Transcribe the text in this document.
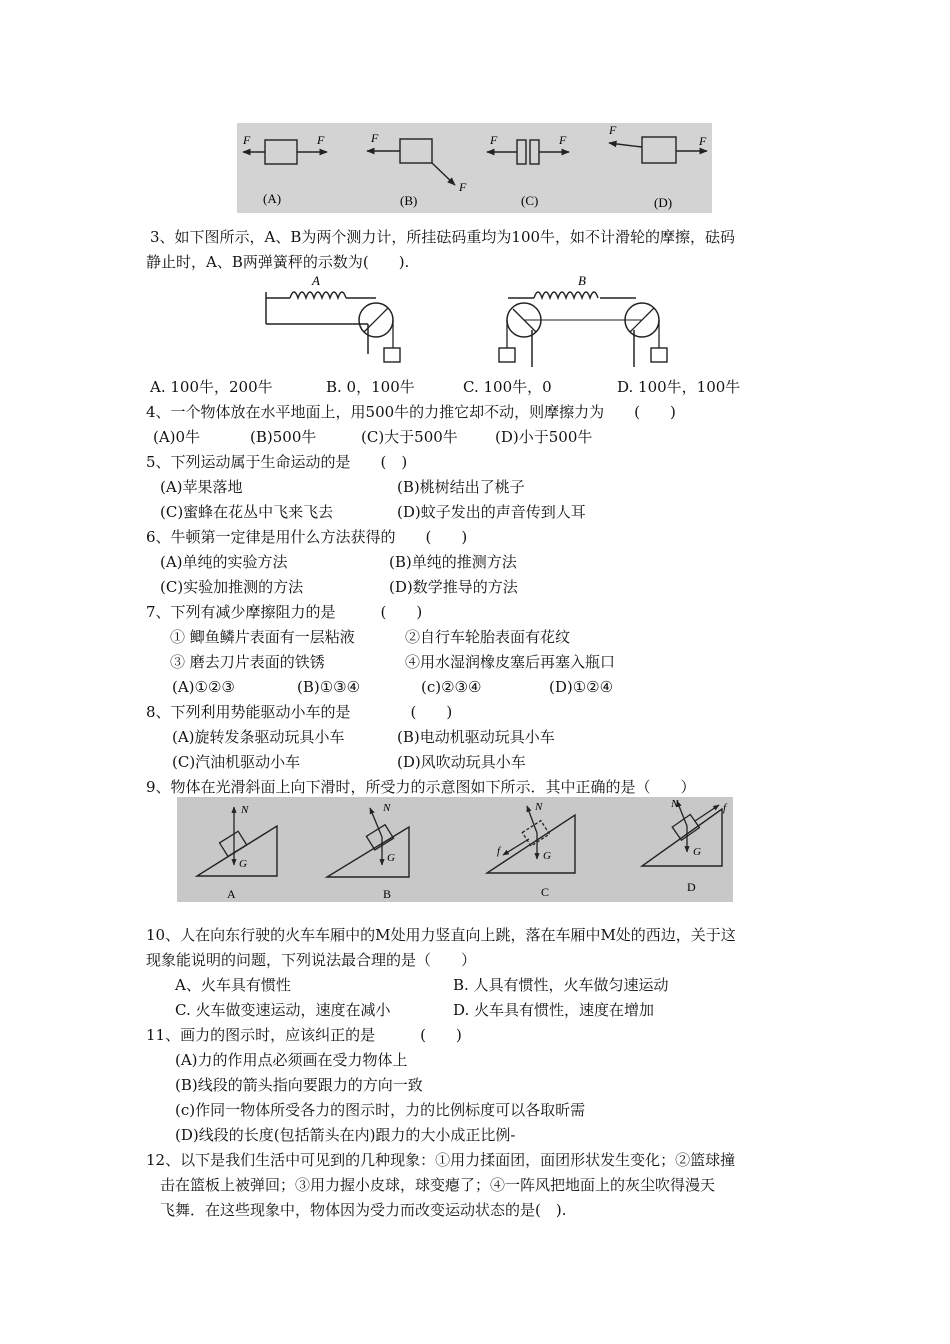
F	F
(A)
F
F
(B)
F	F
(C)
F
F
(D)
3、如下图所示，A、B为两个测力计，所挂砝码重均为100牛，如不计滑轮的摩擦，砝码
静止时，A、B两弹簧秤的示数为(　　).
A	B
A. 100牛，200牛	B. 0，100牛	C. 100牛，0	D. 100牛，100牛
4、一个物体放在水平地面上，用500牛的力推它却不动，则摩擦力为　　(　　)
(A)0牛	(B)500牛	(C)大于500牛 (D)小于500牛
5、下列运动属于生命运动的是　　(　)
(A)苹果落地	(B)桃树结出了桃子
(C)蜜蜂在花丛中飞来飞去	(D)蚊子发出的声音传到人耳
6、牛顿第一定律是用什么方法获得的　　(　　)
(A)单纯的实验方法	(B)单纯的推测方法
(C)实验加推测的方法	(D)数学推导的方法
7、下列有减少摩擦阻力的是　　　(　　)
① 鲫鱼鳞片表面有一层粘液	②自行车轮胎表面有花纹
③ 磨去刀片表面的铁锈	④用水湿润橡皮塞后再塞入瓶口
(A)①②③	(B)①③④	(c)②③④	(D)①②④
8、下列利用势能驱动小车的是　　　　(　　)
(A)旋转发条驱动玩具小车	(B)电动机驱动玩具小车
(C)汽油机驱动小车	(D)风吹动玩具小车
9、物体在光滑斜面上向下滑时，所受力的示意图如下所示．其中正确的是（　　）
N
G
A
N
G
B
N
G
f
C
N
G
f
D
10、人在向东行驶的火车车厢中的M处用力竖直向上跳，落在车厢中M处的西边，关于这
现象能说明的问题，下列说法最合理的是（　　）
A、火车具有惯性	B. 人具有惯性，火车做匀速运动
C. 火车做变速运动，速度在减小	D. 火车具有惯性，速度在增加
11、画力的图示时，应该纠正的是　　　(　　)
(A)力的作用点必须画在受力物体上
(B)线段的箭头指向要跟力的方向一致
(c)作同一物体所受各力的图示时，力的比例标度可以各取昕需
(D)线段的长度(包括箭头在内)跟力的大小成正比例-
12、以下是我们生活中可见到的几种现象：①用力揉面团，面团形状发生变化；②篮球撞
击在篮板上被弹回；③用力握小皮球，球变瘪了；④一阵风把地面上的灰尘吹得漫天
飞舞．在这些现象中，物体因为受力而改变运动状态的是(　).
